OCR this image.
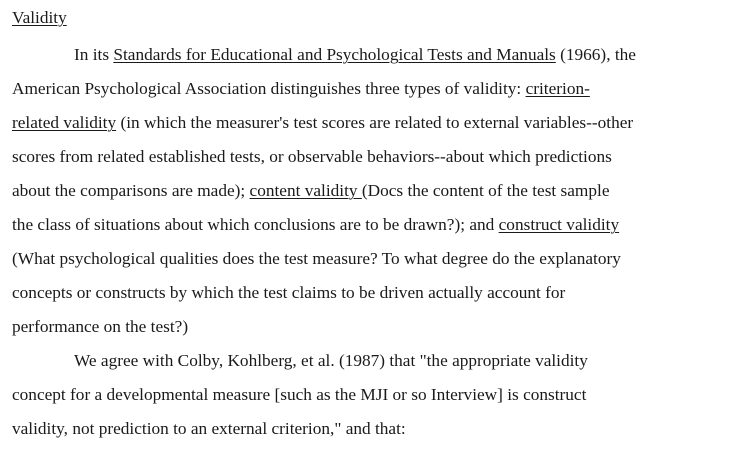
Validity
In its Standards for Educational and Psychological Tests and Manuals (1966), the
American Psychological Association distinguishes three types of validity: criterion-
related validity (in which the measurer's test scores are related to external variables--other
scores from related established tests, or observable behaviors--about which predictions
about the comparisons are made); content validity (Docs the content of the test sample
the class of situations about which conclusions are to be drawn?); and construct validity
(What psychological qualities does the test measure? To what degree do the explanatory
concepts or constructs by which the test claims to be driven actually account for
performance on the test?)
We agree with Colby, Kohlberg, et al. (1987) that "the appropriate validity
concept for a developmental measure [such as the MJI or so Interview] is construct
validity, not prediction to an external criterion," and that:
